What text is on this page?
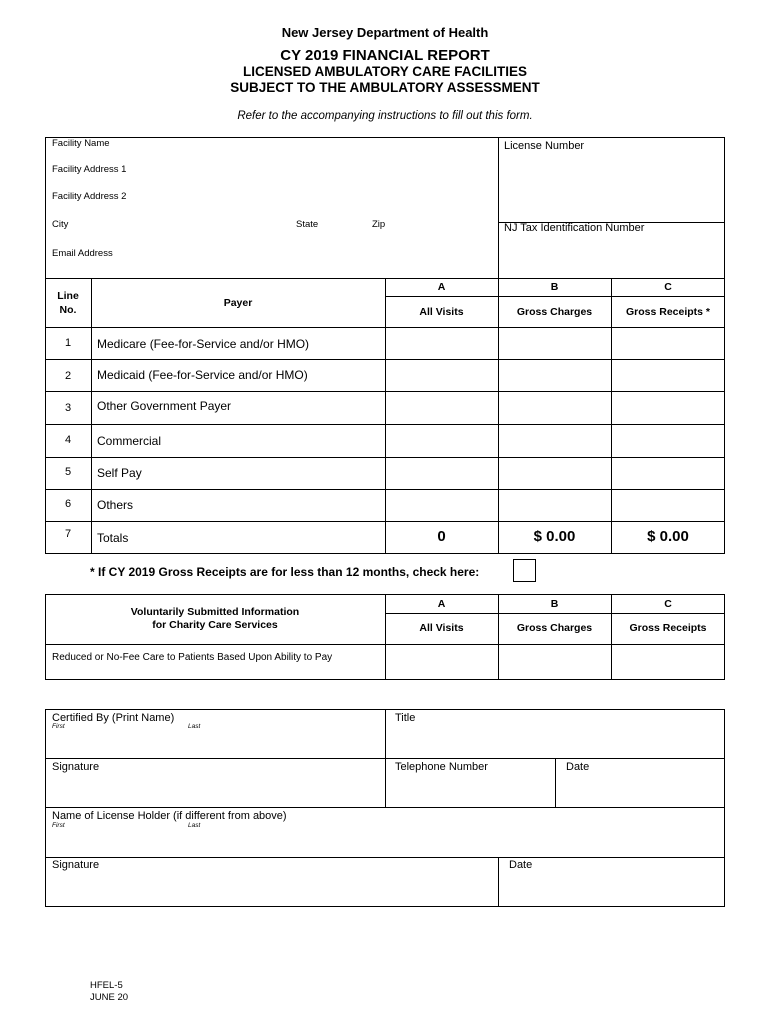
New Jersey Department of Health
CY 2019 FINANCIAL REPORT
LICENSED AMBULATORY CARE FACILITIES
SUBJECT TO THE AMBULATORY ASSESSMENT
Refer to the accompanying instructions to fill out this form.
Facility Name
Facility Address 1
Facility Address 2
City	State	Zip
Email Address
License Number
NJ Tax Identification Number
Line
No.
Payer
A	B	C
All Visits	Gross Charges	Gross Receipts *
1	Medicare (Fee-for-Service and/or HMO)
2	Medicaid (Fee-for-Service and/or HMO)
3	Other Government Payer
4	Commercial
5	Self Pay
6	Others
7	Totals	0	$ 0.00	$ 0.00
* If CY 2019 Gross Receipts are for less than 12 months, check here:
Voluntarily Submitted Information
for Charity Care Services
A	B	C
All Visits	Gross Charges	Gross Receipts
Reduced or No-Fee Care to Patients Based Upon Ability to Pay
Certified By (Print Name)
First	Last
Title
Signature	Telephone Number	Date
Name of License Holder (if different from above)
First	Last
Signature	Date
HFEL-5
JUNE 20
